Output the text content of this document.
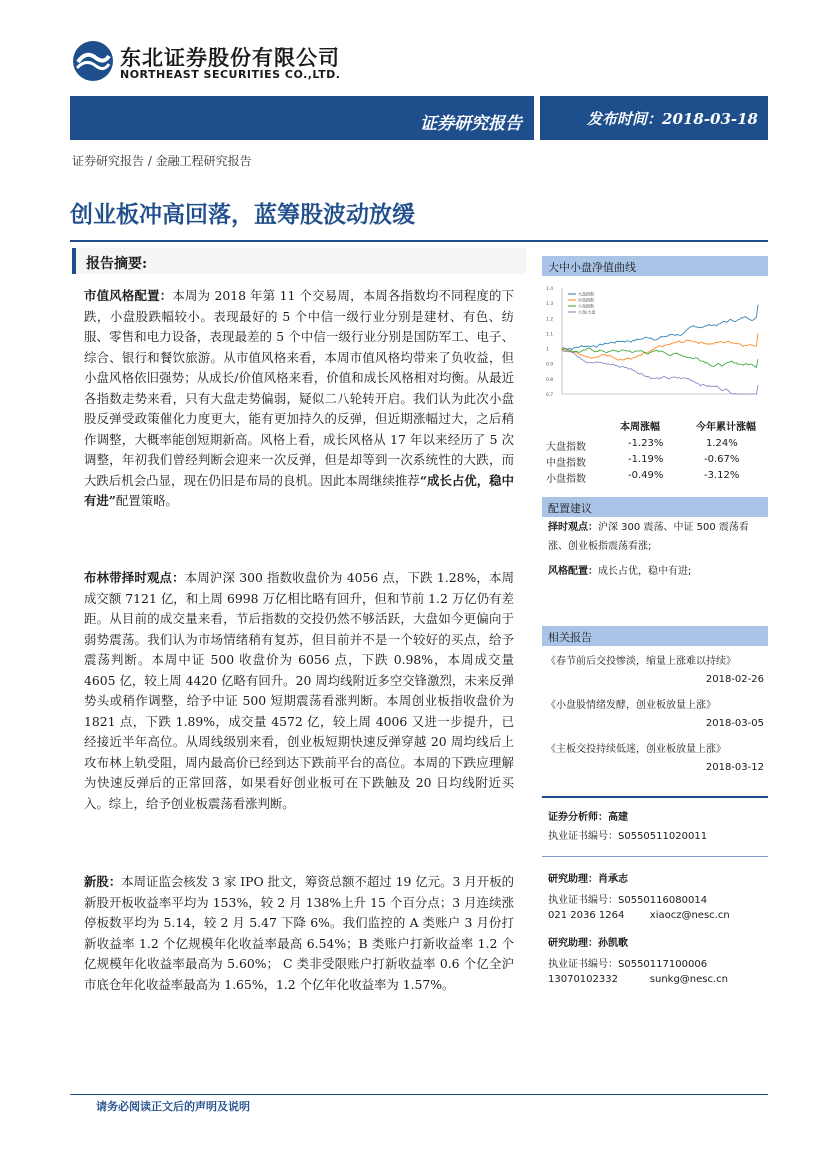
东北证券股份有限公司
NORTHEAST SECURITIES CO.,LTD.
证券研究报告	发布时间：2018-03-18
证券研究报告 / 金融工程研究报告
创业板冲高回落，蓝筹股波动放缓
报告摘要:
市值风格配置：本周为 2018 年第 11 个交易周，本周各指数均不同程度的下跌，小盘股跌幅较小。表现最好的 5 个中信一级行业分别是建材、有色、纺服、零售和电力设备，表现最差的 5 个中信一级行业分别是国防军工、电子、综合、银行和餐饮旅游。从市值风格来看，本周市值风格均带来了负收益，但小盘风格依旧强势；从成长/价值风格来看，价值和成长风格相对均衡。从最近各指数走势来看，只有大盘走势偏弱，疑似二八轮转开启。我们认为此次小盘股反弹受政策催化力度更大，能有更加持久的反弹，但近期涨幅过大，之后稍作调整，大概率能创短期新高。风格上看，成长风格从 17 年以来经历了 5 次调整，年初我们曾经判断会迎来一次反弹，但是却等到一次系统性的大跌，而大跌后机会凸显，现在仍旧是布局的良机。因此本周继续推荐“成长占优，稳中有进”配置策略。
布林带择时观点：本周沪深 300 指数收盘价为 4056 点，下跌 1.28%，本周成交额 7121 亿，和上周 6998 万亿相比略有回升，但和节前 1.2 万亿仍有差距。从目前的成交量来看，节后指数的交投仍然不够活跃，大盘如今更偏向于弱势震荡。我们认为市场情绪稍有复苏，但目前并不是一个较好的买点，给予震荡判断。本周中证 500 收盘价为 6056 点，下跌 0.98%，本周成交量 4605 亿，较上周 4420 亿略有回升。20 周均线附近多空交锋激烈，未来反弹势头或稍作调整，给予中证 500 短期震荡看涨判断。本周创业板指收盘价为 1821 点，下跌 1.89%，成交量 4572 亿，较上周 4006 又进一步提升，已经接近半年高位。从周线级别来看，创业板短期快速反弹穿越 20 周均线后上攻布林上轨受阻，周内最高价已经到达下跌前平台的高位。本周的下跌应理解为快速反弹后的正常回落，如果看好创业板可在下跌触及 20 日均线附近买入。综上，给予创业板震荡看涨判断。
新股：本周证监会核发 3 家 IPO 批文，筹资总额不超过 19 亿元。3 月开板的新股开板收益率平均为 153%，较 2 月 138%上升 15 个百分点；3 月连续涨停板数平均为 5.14，较 2 月 5.47 下降 6%。我们监控的 A 类账户 3 月份打新收益率 1.2 个亿规模年化收益率最高 6.54%；B 类账户打新收益率 1.2 个亿规模年化收益率最高为 5.60%； C 类非受限账户打新收益率 0.6 个亿全沪市底仓年化收益率最高为 1.65%，1.2 个亿年化收益率为 1.57%。
大中小盘净值曲线
1.4
1.3
1.2
1.1
1
0.9
0.8
0.7
大盘指数
中盘指数
小盘指数
小盘/大盘
本周涨幅	今年累计涨幅
大盘指数	-1.23%	1.24%
中盘指数	-1.19%	-0.67%
小盘指数	-0.49%	-3.12%
配置建议
择时观点：沪深 300 震荡、中证 500 震荡看涨、创业板指震荡看涨;
风格配置：成长占优，稳中有进;
相关报告
《春节前后交投惨淡，缩量上涨难以持续》
2018-02-26
《小盘股情绪发酵，创业板放量上涨》
2018-03-05
《主板交投持续低迷，创业板放量上涨》
2018-03-12
证券分析师：高建
执业证书编号：S0550511020011
研究助理：肖承志
执业证书编号：S0550116080014
021 2036 1264        xiaocz@nesc.cn
研究助理：孙凯歌
执业证书编号：S0550117100006
13070102332          sunkg@nesc.cn
请务必阅读正文后的声明及说明
